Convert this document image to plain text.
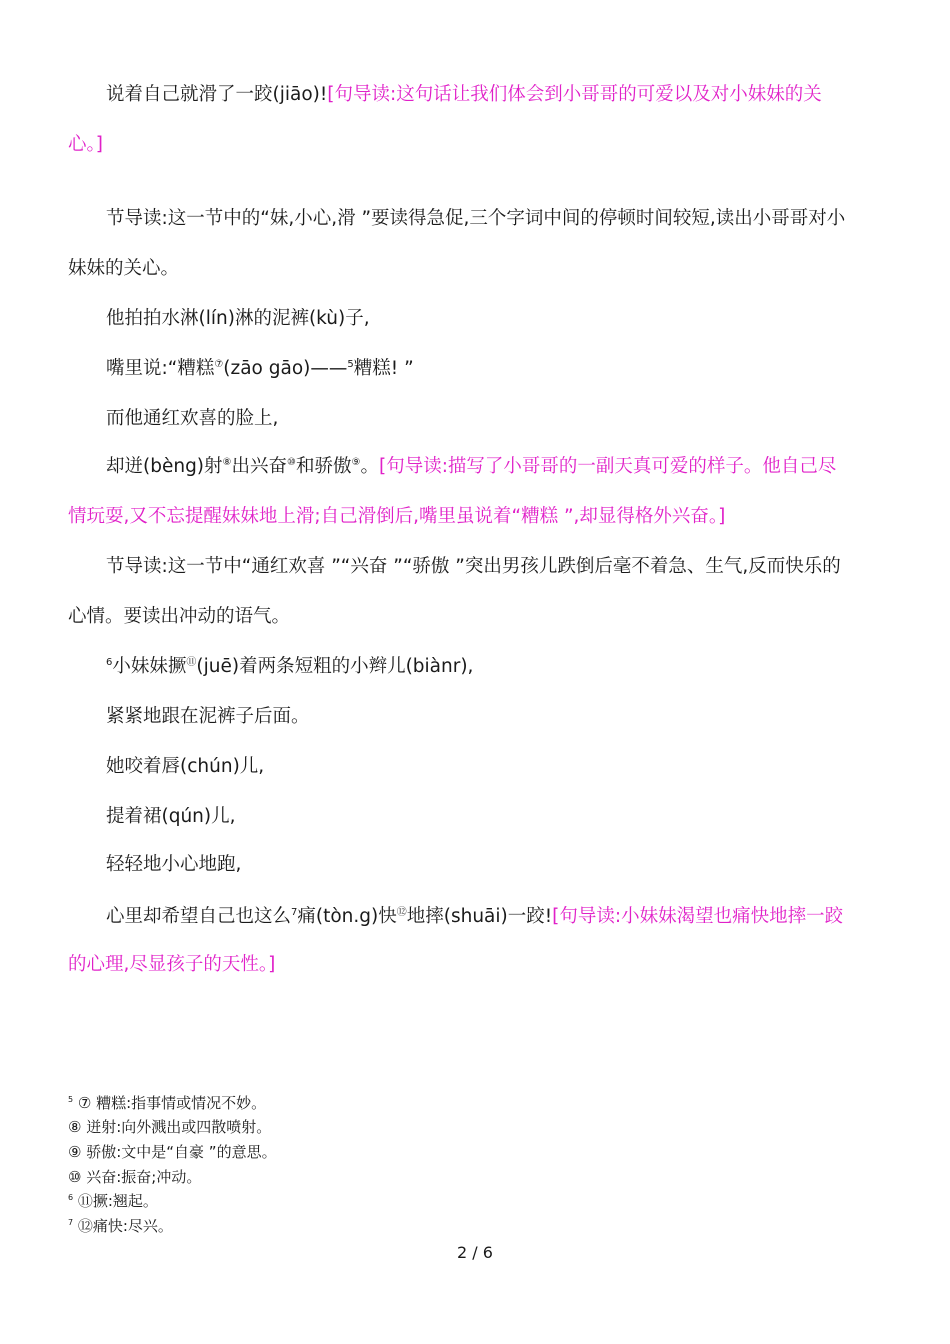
说着自己就滑了一跤(jiāo)![句导读:这句话让我们体会到小哥哥的可爱以及对小妹妹的关
心。]
节导读:这一节中的“妹,小心,滑 ”要读得急促,三个字词中间的停顿时间较短,读出小哥哥对小
妹妹的关心。
他拍拍水淋(lín)淋的泥裤(kù)子,
嘴里说:“糟糕⑦(zāo gāo)——$^5$糟糕! ”
而他通红欢喜的脸上,
却迸(bèng)射⑧出兴奋⑩和骄傲⑨。[句导读:描写了小哥哥的一副天真可爱的样子。他自己尽
情玩耍,又不忘提醒妹妹地上滑;自己滑倒后,嘴里虽说着“糟糕 ”,却显得格外兴奋。]
节导读:这一节中“通红欢喜 ”“兴奋 ”“骄傲 ”突出男孩儿跌倒后毫不着急、生气,反而快乐的
心情。要读出冲动的语气。
$^6$小妹妹撅⑪(juē)着两条短粗的小辫儿(biànr),
紧紧地跟在泥裤子后面。
她咬着唇(chún)儿,
提着裙(qún)儿,
轻轻地小心地跑,
心里却希望自己也这么$^7$痛(tòn.g)快⑫地摔(shuāi)一跤![句导读:小妹妹渴望也痛快地摔一跤
的心理,尽显孩子的天性。]
$^5$ ⑦ 糟糕:指事情或情况不妙。
⑧ 迸射:向外溅出或四散喷射。
⑨ 骄傲:文中是“自豪 ”的意思。
⑩ 兴奋:振奋;冲动。
$^6$ ⑪撅:翘起。
$^7$ ⑫痛快:尽兴。
2 / 6
